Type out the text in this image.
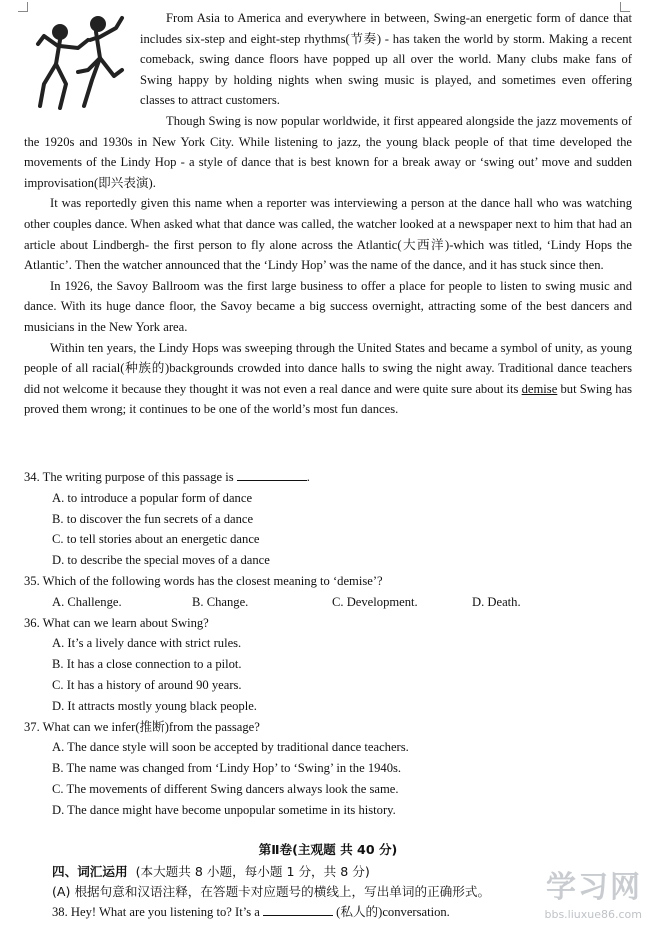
From Asia to America and everywhere in between, Swing-an energetic form of dance that includes six-step and eight-step rhythms(节奏) - has taken the world by storm. Making a recent comeback, swing dance floors have popped up all over the world. Many clubs make fans of Swing happy by holding nights when swing music is played, and sometimes even offering classes to attract customers.

Though Swing is now popular worldwide, it first appeared alongside the jazz movements of the 1920s and 1930s in New York City. While listening to jazz, the young black people of that time developed the movements of the Lindy Hop - a style of dance that is best known for a break away or ‘swing out’ move and sudden improvisation(即兴表演).

It was reportedly given this name when a reporter was interviewing a person at the dance hall who was watching other couples dance. When asked what that dance was called, the watcher looked at a newspaper next to him that had an article about Lindbergh- the first person to fly alone across the Atlantic(大西洋)-which was titled, ‘Lindy Hops the Atlantic’. Then the watcher announced that the ‘Lindy Hop’ was the name of the dance, and it has stuck since then.

In 1926, the Savoy Ballroom was the first large business to offer a place for people to listen to swing music and dance. With its huge dance floor, the Savoy became a big success overnight, attracting some of the best dancers and musicians in the New York area.

Within ten years, the Lindy Hops was sweeping through the United States and became a symbol of unity, as young people of all racial(种族的)backgrounds crowded into dance halls to swing the night away. Traditional dance teachers did not welcome it because they thought it was not even a real dance and were quite sure about its demise but Swing has proved them wrong; it continues to be one of the world’s most fun dances.

34. The writing purpose of this passage is	.
A. to introduce a popular form of dance
B. to discover the fun secrets of a dance
C. to tell stories about an energetic dance
D. to describe the special moves of a dance
35. Which of the following words has the closest meaning to ‘demise’?
A. Challenge.	B. Change.	C. Development.	D. Death.
36. What can we learn about Swing?
A. It’s a lively dance with strict rules.
B. It has a close connection to a pilot.
C. It has a history of around 90 years.
D. It attracts mostly young black people.
37. What can we infer(推断)from the passage?
A. The dance style will soon be accepted by traditional dance teachers.
B. The name was changed from ‘Lindy Hop’ to ‘Swing’ in the 1940s.
C. The movements of different Swing dancers always look the same.
D. The dance might have become unpopular sometime in its history.
第Ⅱ卷(主观题 共 40 分)
四、词汇运用 (本大题共 8 小题，每小题 1 分，共 8 分)
(A) 根据句意和汉语注释，在答题卡对应题号的横线上，写出单词的正确形式。
38. Hey! What are you listening to? It’s a	(私人的)conversation.
学习网
bbs.liuxue86.com
